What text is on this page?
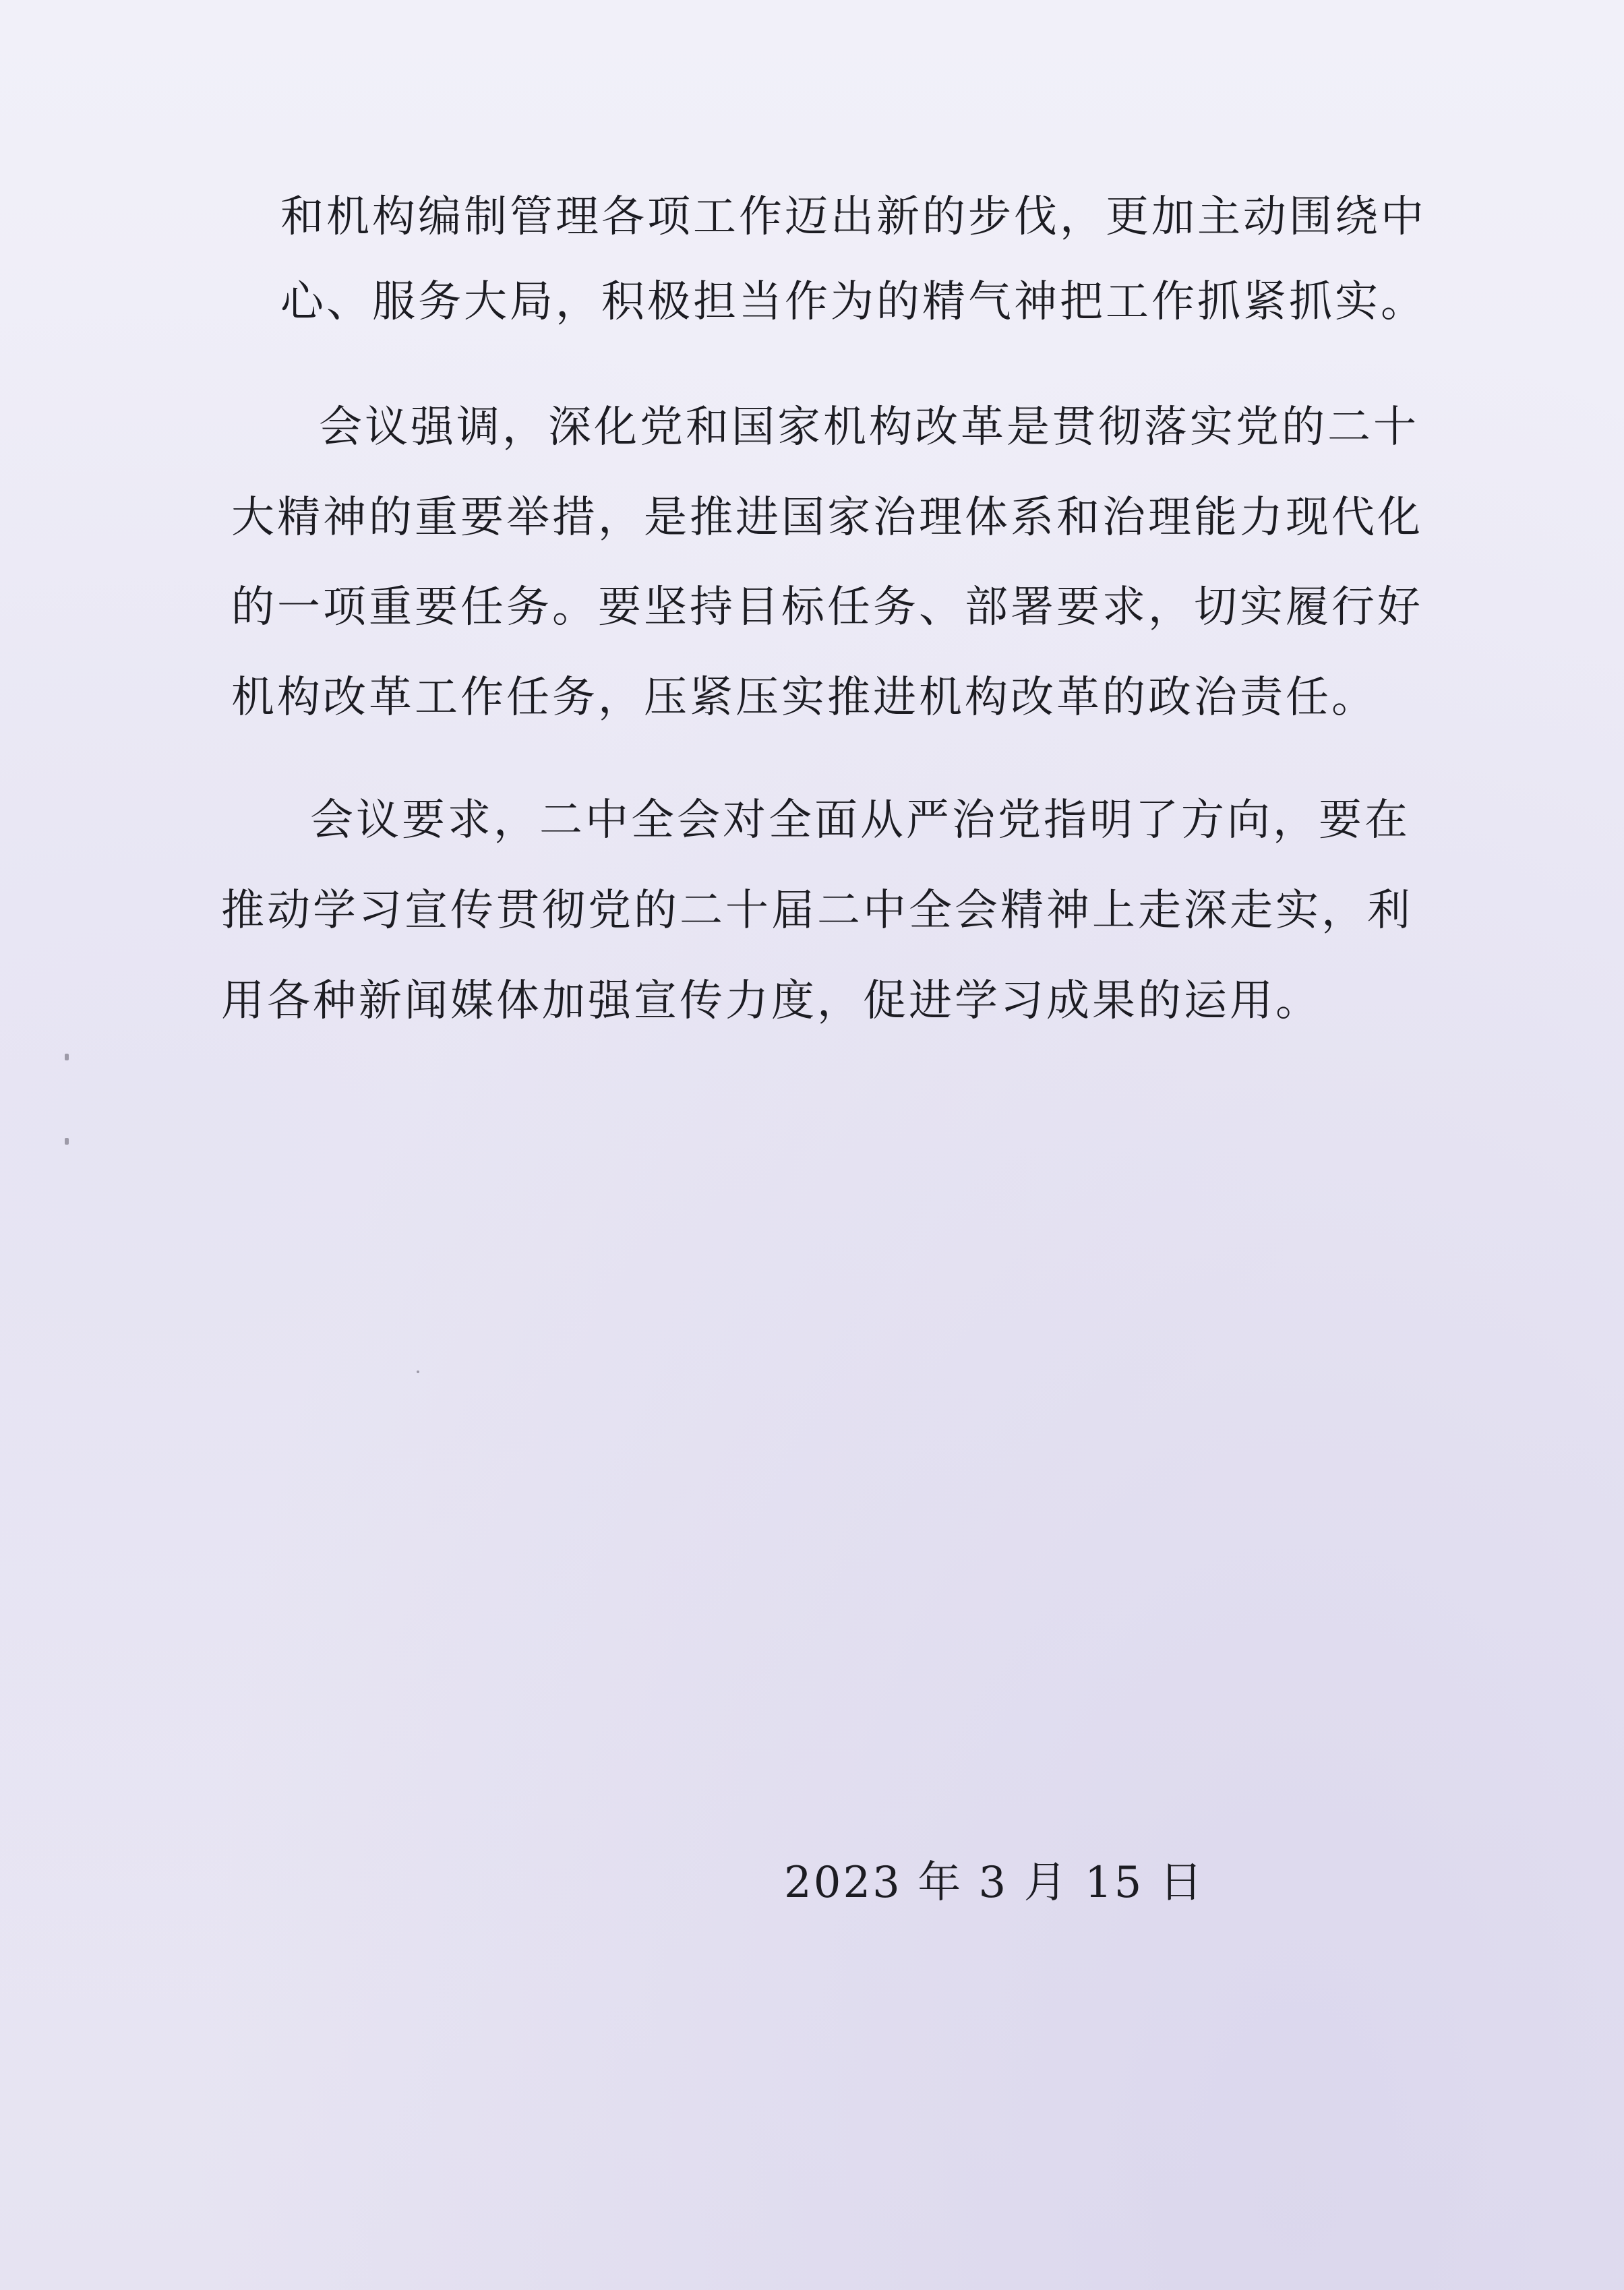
和机构编制管理各项工作迈出新的步伐，更加主动围绕中
心、服务大局，积极担当作为的精气神把工作抓紧抓实。
会议强调，深化党和国家机构改革是贯彻落实党的二十
大精神的重要举措，是推进国家治理体系和治理能力现代化
的一项重要任务。要坚持目标任务、部署要求，切实履行好
机构改革工作任务，压紧压实推进机构改革的政治责任。
会议要求，二中全会对全面从严治党指明了方向，要在
推动学习宣传贯彻党的二十届二中全会精神上走深走实，利
用各种新闻媒体加强宣传力度，促进学习成果的运用。
2023 年 3 月 15 日
